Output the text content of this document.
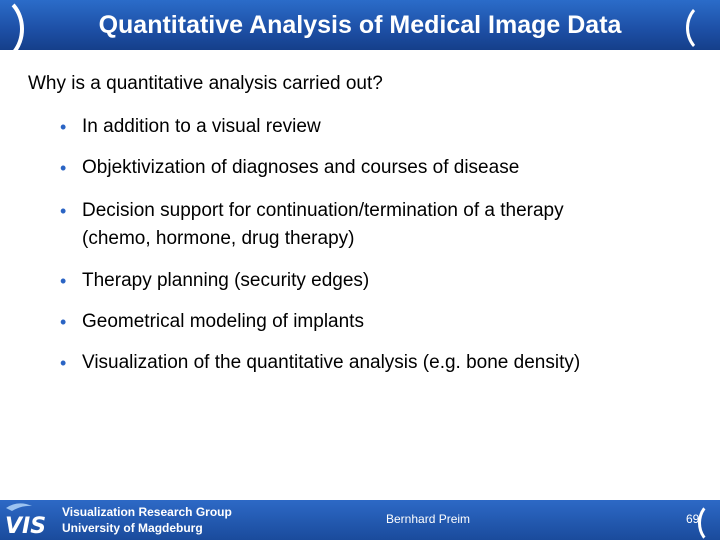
Quantitative Analysis of Medical Image Data
Why is a quantitative analysis carried out?
• In addition to a visual review
• Objektivization of diagnoses and courses of disease
• Decision support for continuation/termination of a therapy
(chemo, hormone, drug therapy)
• Therapy planning (security edges)
• Geometrical modeling of implants
• Visualization of the quantitative analysis (e.g. bone density)
VIS
Visualization Research Group
University of Magdeburg
Bernhard Preim	69
